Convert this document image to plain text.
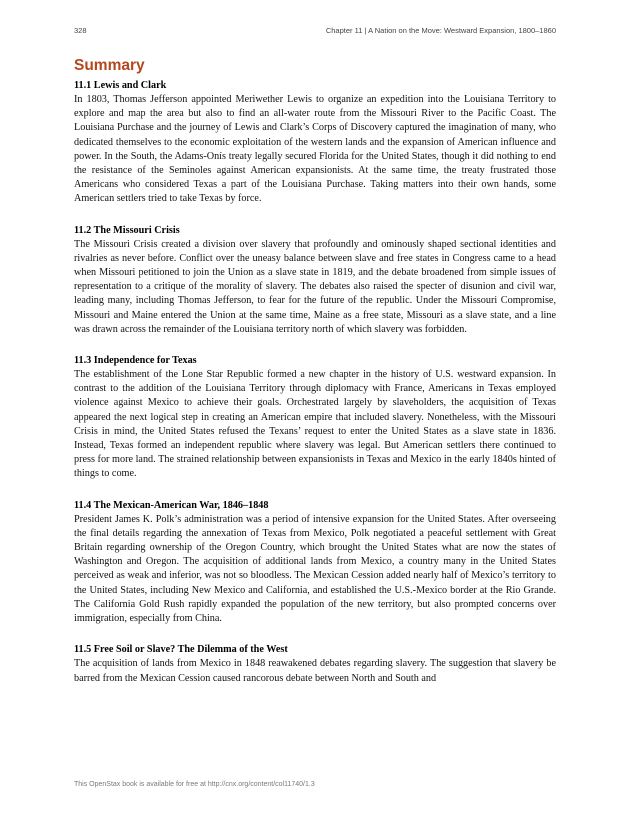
328	Chapter 11 | A Nation on the Move: Westward Expansion, 1800–1860
Summary
11.1 Lewis and Clark

In 1803, Thomas Jefferson appointed Meriwether Lewis to organize an expedition into the Louisiana Territory to explore and map the area but also to find an all-water route from the Missouri River to the Pacific Coast. The Louisiana Purchase and the journey of Lewis and Clark’s Corps of Discovery captured the imagination of many, who dedicated themselves to the economic exploitation of the western lands and the expansion of American influence and power. In the South, the Adams-Onís treaty legally secured Florida for the United States, though it did nothing to end the resistance of the Seminoles against American expansionists. At the same time, the treaty frustrated those Americans who considered Texas a part of the Louisiana Purchase. Taking matters into their own hands, some American settlers tried to take Texas by force.

11.2 The Missouri Crisis

The Missouri Crisis created a division over slavery that profoundly and ominously shaped sectional identities and rivalries as never before. Conflict over the uneasy balance between slave and free states in Congress came to a head when Missouri petitioned to join the Union as a slave state in 1819, and the debate broadened from simple issues of representation to a critique of the morality of slavery. The debates also raised the specter of disunion and civil war, leading many, including Thomas Jefferson, to fear for the future of the republic. Under the Missouri Compromise, Missouri and Maine entered the Union at the same time, Maine as a free state, Missouri as a slave state, and a line was drawn across the remainder of the Louisiana territory north of which slavery was forbidden.

11.3 Independence for Texas

The establishment of the Lone Star Republic formed a new chapter in the history of U.S. westward expansion. In contrast to the addition of the Louisiana Territory through diplomacy with France, Americans in Texas employed violence against Mexico to achieve their goals. Orchestrated largely by slaveholders, the acquisition of Texas appeared the next logical step in creating an American empire that included slavery. Nonetheless, with the Missouri Crisis in mind, the United States refused the Texans’ request to enter the United States as a slave state in 1836. Instead, Texas formed an independent republic where slavery was legal. But American settlers there continued to press for more land. The strained relationship between expansionists in Texas and Mexico in the early 1840s hinted of things to come.

11.4 The Mexican-American War, 1846–1848

President James K. Polk’s administration was a period of intensive expansion for the United States. After overseeing the final details regarding the annexation of Texas from Mexico, Polk negotiated a peaceful settlement with Great Britain regarding ownership of the Oregon Country, which brought the United States what are now the states of Washington and Oregon. The acquisition of additional lands from Mexico, a country many in the United States perceived as weak and inferior, was not so bloodless. The Mexican Cession added nearly half of Mexico’s territory to the United States, including New Mexico and California, and established the U.S.-Mexico border at the Rio Grande. The California Gold Rush rapidly expanded the population of the new territory, but also prompted concerns over immigration, especially from China.

11.5 Free Soil or Slave? The Dilemma of the West

The acquisition of lands from Mexico in 1848 reawakened debates regarding slavery. The suggestion that slavery be barred from the Mexican Cession caused rancorous debate between North and South and

This OpenStax book is available for free at http://cnx.org/content/col11740/1.3
